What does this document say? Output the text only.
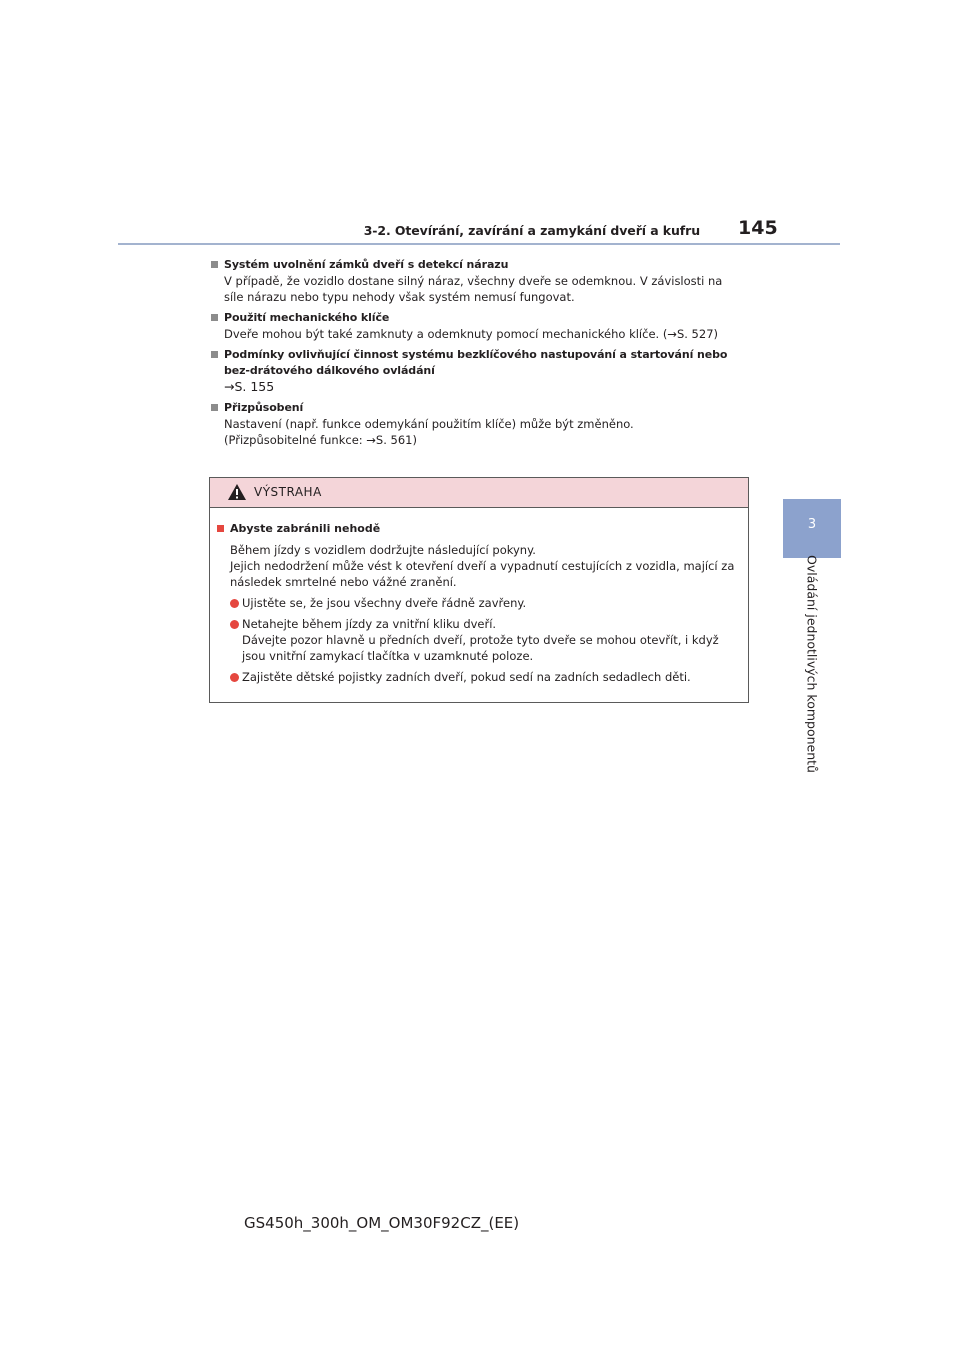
3-2. Otevírání, zavírání a zamykání dveří a kufru 145
3
Ovládání jednotlivých komponentů
Systém uvolnění zámků dveří s detekcí nárazu

V případě, že vozidlo dostane silný náraz, všechny dveře se odemknou. V závislosti na

síle nárazu nebo typu nehody však systém nemusí fungovat.

Použití mechanického klíče

Dveře mohou být také zamknuty a odemknuty pomocí mechanického klíče. (→S. 527)

Podmínky ovlivňující činnost systému bezklíčového nastupování a startování nebo bez-drátového dálkového ovládání

→S. 155

Přizpůsobení

Nastavení (např. funkce odemykání použitím klíče) může být změněno.

(Přizpůsobitelné funkce: →S. 561)

VÝSTRAHA
Abyste zabránili nehodě

Během jízdy s vozidlem dodržujte následující pokyny.

Jejich nedodržení může vést k otevření dveří a vypadnutí cestujících z vozidla, mající za

následek smrtelné nebo vážné zranění.

Ujistěte se, že jsou všechny dveře řádně zavřeny.

Netahejte během jízdy za vnitřní kliku dveří.

Dávejte pozor hlavně u předních dveří, protože tyto dveře se mohou otevřít, i když

jsou vnitřní zamykací tlačítka v uzamknuté poloze.

Zajistěte dětské pojistky zadních dveří, pokud sedí na zadních sedadlech děti.

GS450h_300h_OM_OM30F92CZ_(EE)
